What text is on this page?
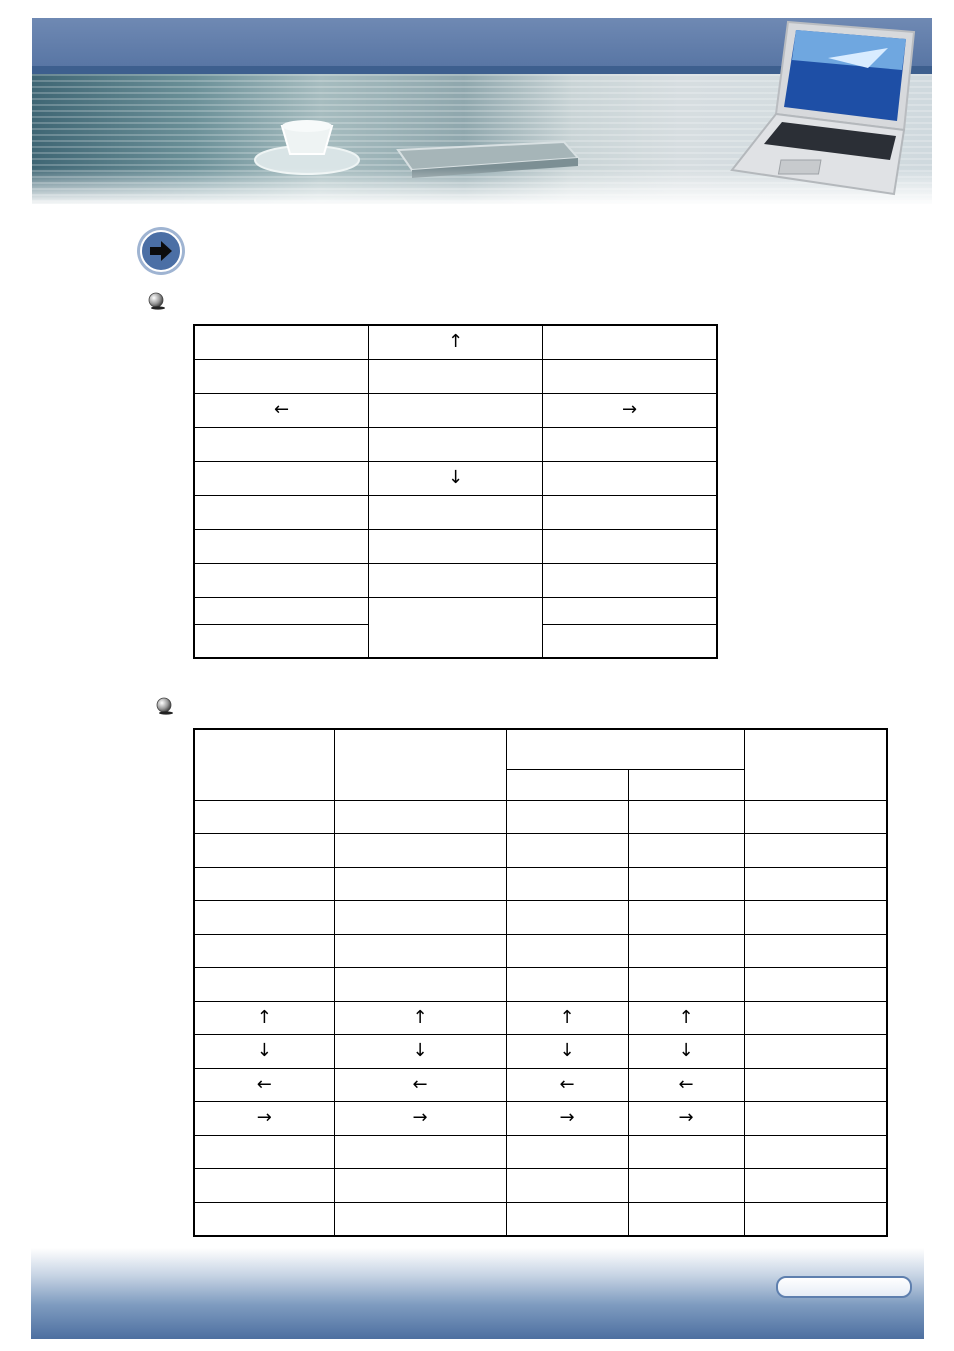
	↑	

←		→

	↓	

↑	↑	↑	↑	
↓	↓	↓	↓	
←	←	←	←	
→	→	→	→	
